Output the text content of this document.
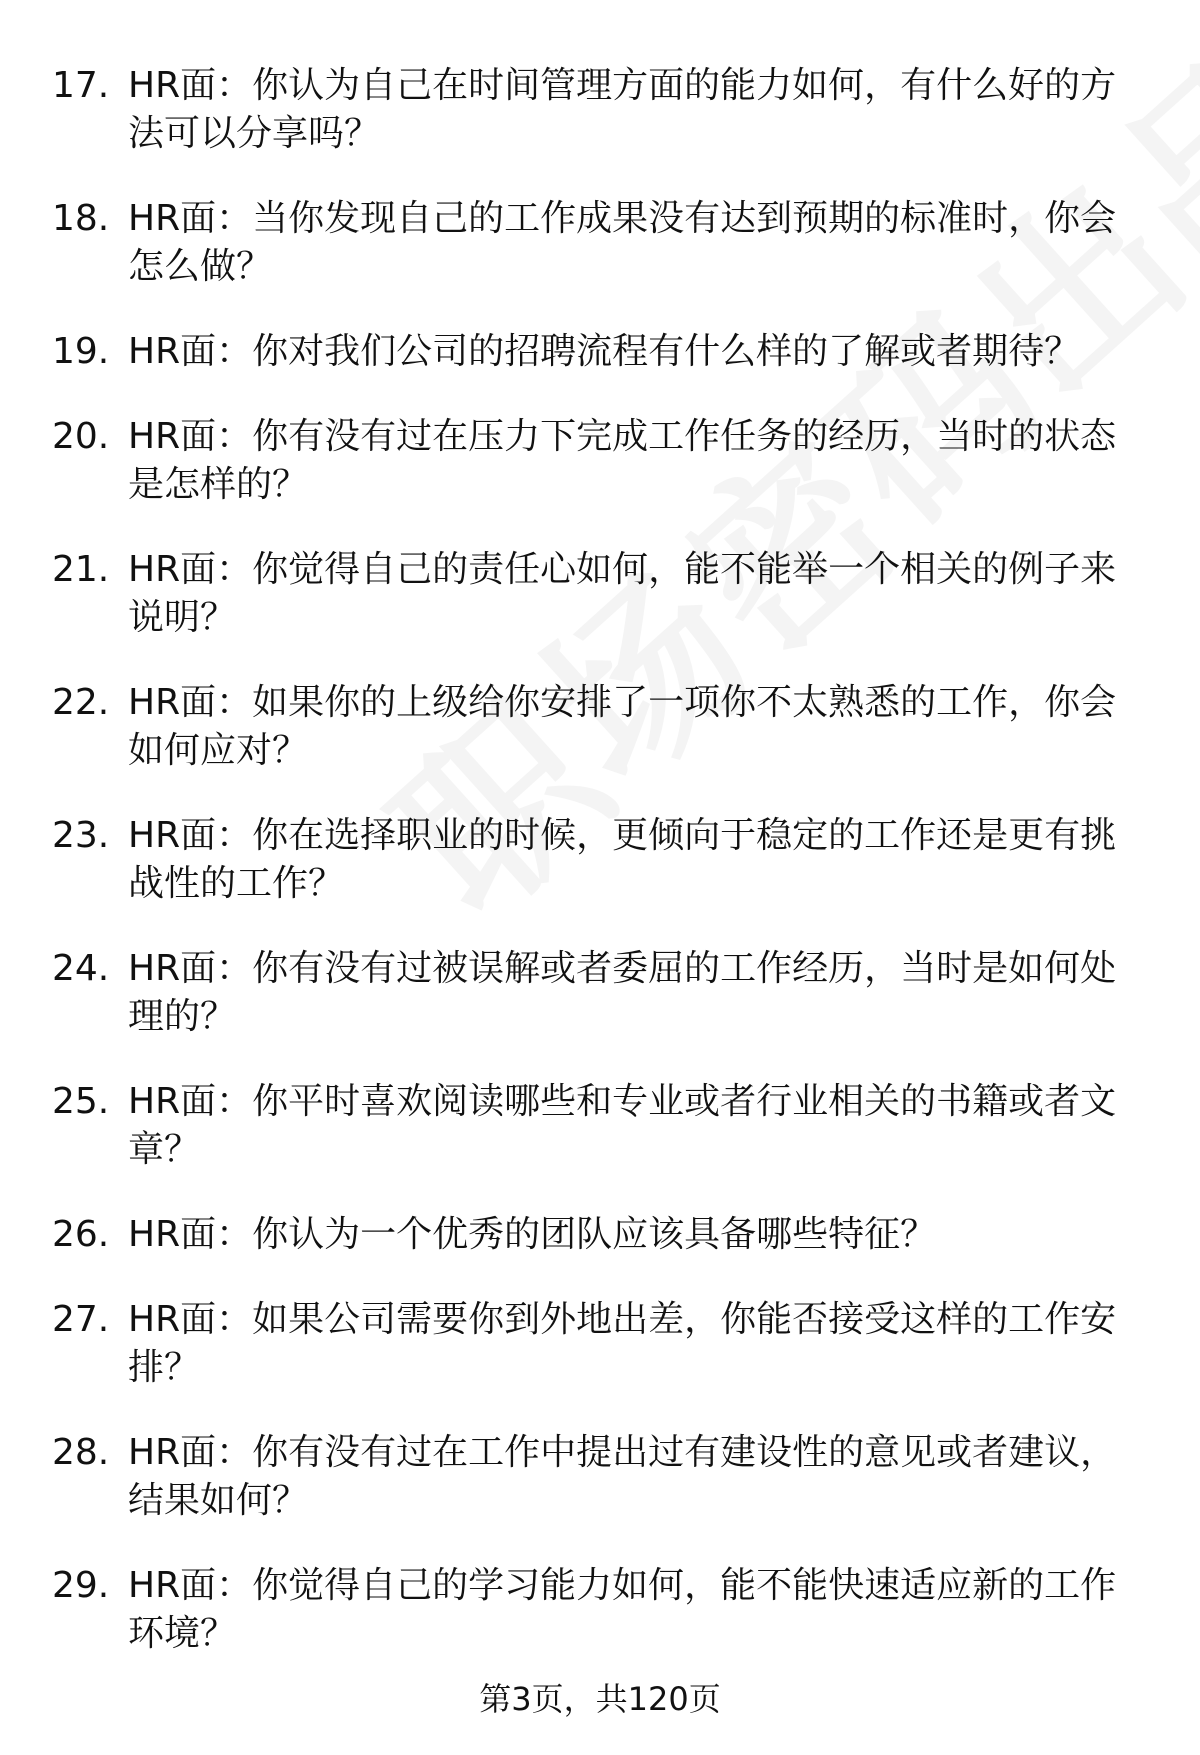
17. HR面：你认为自己在时间管理方面的能力如何，有什么好的方法可以分享吗？
18. HR面：当你发现自己的工作成果没有达到预期的标准时，你会怎么做？
19. HR面：你对我们公司的招聘流程有什么样的了解或者期待？
20. HR面：你有没有过在压力下完成工作任务的经历，当时的状态是怎样的？
21. HR面：你觉得自己的责任心如何，能不能举一个相关的例子来说明？
22. HR面：如果你的上级给你安排了一项你不太熟悉的工作，你会如何应对？
23. HR面：你在选择职业的时候，更倾向于稳定的工作还是更有挑战性的工作？
24. HR面：你有没有过被误解或者委屈的工作经历，当时是如何处理的？
25. HR面：你平时喜欢阅读哪些和专业或者行业相关的书籍或者文章？
26. HR面：你认为一个优秀的团队应该具备哪些特征？
27. HR面：如果公司需要你到外地出差，你能否接受这样的工作安排？
28. HR面：你有没有过在工作中提出过有建设性的意见或者建议，结果如何？
29. HR面：你觉得自己的学习能力如何，能不能快速适应新的工作环境？
第3页，共120页
